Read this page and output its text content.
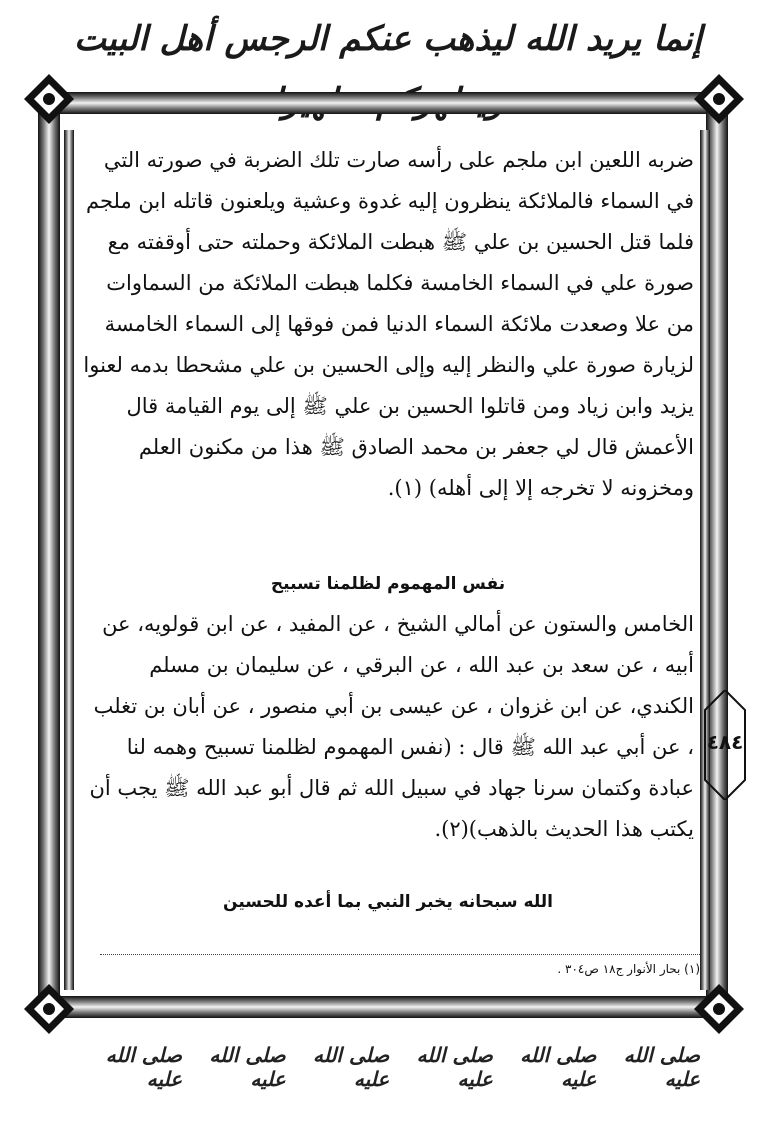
إنما يريد الله ليذهب عنكم الرجس أهل البيت

ضربه اللعين ابن ملجم على رأسه صارت تلك الضربة في صورته التي في السماء فالملائكة ينظرون إليه غدوة وعشية ويلعنون قاتله ابن ملجم فلما قتل الحسين بن علي ﷺ هبطت الملائكة وحملته حتى أوقفته مع صورة علي في السماء الخامسة فكلما هبطت الملائكة من السماوات من علا وصعدت ملائكة السماء الدنيا فمن فوقها إلى السماء الخامسة لزيارة صورة علي والنظر إليه وإلى الحسين بن علي مشحطا بدمه لعنوا يزيد وابن زياد ومن قاتلوا الحسين بن علي ﷺ إلى يوم القيامة قال الأعمش قال لي جعفر بن محمد الصادق ﷺ هذا من مكنون العلم ومخزونه لا تخرجه إلا إلى أهله) (١).

نفس المهموم لظلمنا تسبيح

الخامس والستون عن أمالي الشيخ ، عن المفيد ، عن ابن قولويه، عن أبيه ، عن سعد بن عبد الله ، عن البرقي ، عن سليمان بن مسلم الكندي، عن ابن غزوان ، عن عيسى بن أبي منصور ، عن أبان بن تغلب ، عن أبي عبد الله ﷺ قال : (نفس المهموم لظلمنا تسبيح وهمه لنا عبادة وكتمان سرنا جهاد في سبيل الله ثم قال أبو عبد الله ﷺ يجب أن يكتب هذا الحديث بالذهب)(٢).

الله سبحانه يخبر النبي بما أعده للحسين

(١) بحار الأنوار ج١٨ ص٣٠٤ .
٤٨٤
صلى الله عليه
صلى الله عليه
صلى الله عليه
صلى الله عليه
صلى الله عليه
صلى الله عليه
